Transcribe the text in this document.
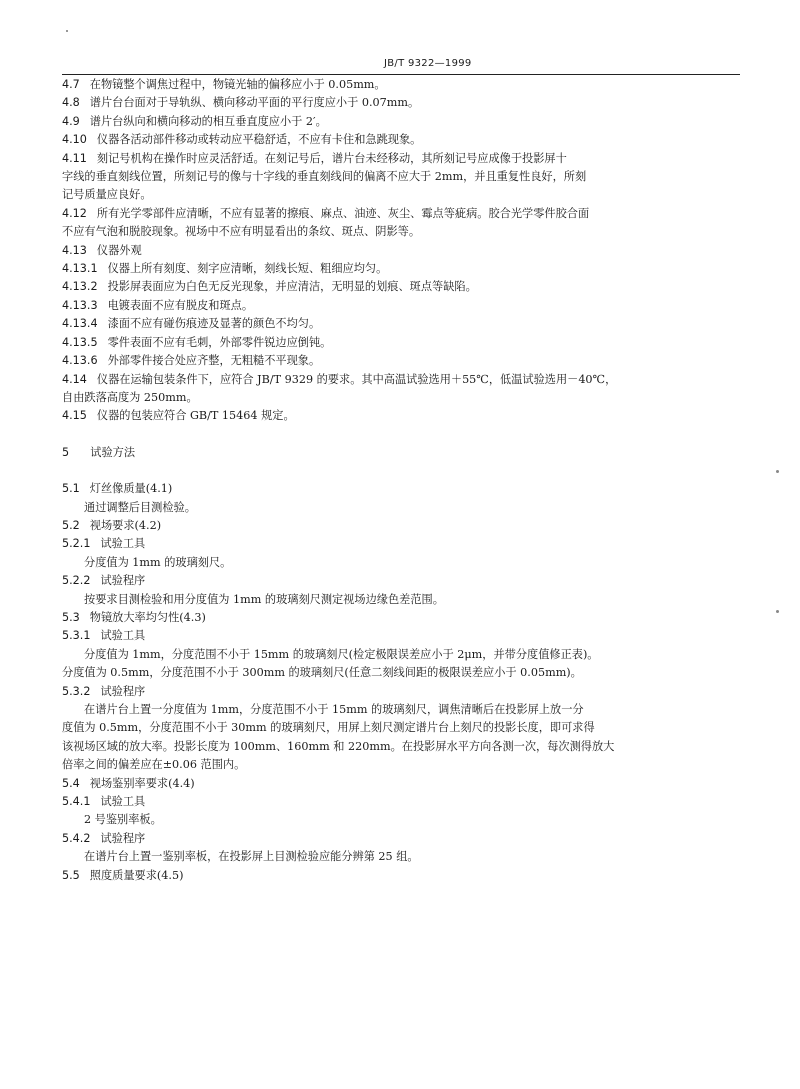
JB/T 9322—1999

4.7 在物镜整个调焦过程中，物镜光轴的偏移应小于 0.05mm。

4.8 谱片台台面对于导轨纵、横向移动平面的平行度应小于 0.07mm。

4.9 谱片台纵向和横向移动的相互垂直度应小于 2′。

4.10 仪器各活动部件移动或转动应平稳舒适，不应有卡住和急跳现象。

4.11 刻记号机构在操作时应灵活舒适。在刻记号后，谱片台未经移动，其所刻记号应成像于投影屏十

字线的垂直刻线位置，所刻记号的像与十字线的垂直刻线间的偏离不应大于 2mm，并且重复性良好，所刻

记号质量应良好。

4.12 所有光学零部件应清晰，不应有显著的擦痕、麻点、油迹、灰尘、霉点等疵病。胶合光学零件胶合面

不应有气泡和脱胶现象。视场中不应有明显看出的条纹、斑点、阴影等。

4.13 仪器外观

4.13.1 仪器上所有刻度、刻字应清晰，刻线长短、粗细应均匀。

4.13.2 投影屏表面应为白色无反光现象，并应清洁，无明显的划痕、斑点等缺陷。

4.13.3 电镀表面不应有脱皮和斑点。

4.13.4 漆面不应有碰伤痕迹及显著的颜色不均匀。

4.13.5 零件表面不应有毛刺，外部零件锐边应倒钝。

4.13.6 外部零件接合处应齐整，无粗糙不平现象。

4.14 仪器在运输包装条件下，应符合 JB/T 9329 的要求。其中高温试验选用＋55℃，低温试验选用－40℃，

自由跌落高度为 250mm。

4.15 仪器的包装应符合 GB/T 15464 规定。

5 试验方法

5.1 灯丝像质量(4.1)

通过调整后目测检验。

5.2 视场要求(4.2)

5.2.1 试验工具

分度值为 1mm 的玻璃刻尺。

5.2.2 试验程序

按要求目测检验和用分度值为 1mm 的玻璃刻尺测定视场边缘色差范围。

5.3 物镜放大率均匀性(4.3)

5.3.1 试验工具

分度值为 1mm，分度范围不小于 15mm 的玻璃刻尺(检定极限误差应小于 2μm，并带分度值修正表)。

分度值为 0.5mm，分度范围不小于 300mm 的玻璃刻尺(任意二刻线间距的极限误差应小于 0.05mm)。

5.3.2 试验程序

在谱片台上置一分度值为 1mm，分度范围不小于 15mm 的玻璃刻尺，调焦清晰后在投影屏上放一分

度值为 0.5mm，分度范围不小于 30mm 的玻璃刻尺，用屏上刻尺测定谱片台上刻尺的投影长度，即可求得

该视场区域的放大率。投影长度为 100mm、160mm 和 220mm。在投影屏水平方向各测一次，每次测得放大

倍率之间的偏差应在±0.06 范围内。

5.4 视场鉴别率要求(4.4)

5.4.1 试验工具

2 号鉴别率板。

5.4.2 试验程序

在谱片台上置一鉴别率板，在投影屏上目测检验应能分辨第 25 组。

5.5 照度质量要求(4.5)
